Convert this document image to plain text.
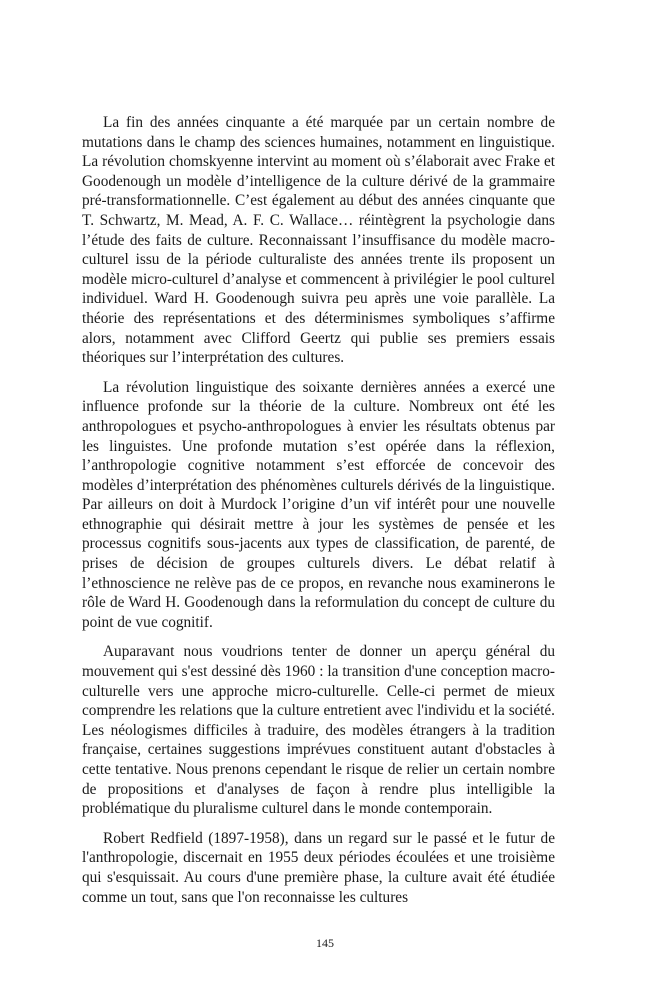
La fin des années cinquante a été marquée par un certain nombre de mutations dans le champ des sciences humaines, notamment en linguistique. La révolution chomskyenne intervint au moment où s’élaborait avec Frake et Goodenough un modèle d’intelligence de la culture dérivé de la grammaire pré-transformationnelle. C’est également au début des années cinquante que T. Schwartz, M. Mead, A. F. C. Wallace… réintègrent la psychologie dans l’étude des faits de culture. Reconnaissant l’insuffisance du modèle macro-culturel issu de la période culturaliste des années trente ils proposent un modèle micro-culturel d’analyse et commencent à privilégier le pool culturel individuel. Ward H. Goodenough suivra peu après une voie parallèle. La théorie des représentations et des déterminismes symboliques s’affirme alors, notamment avec Clifford Geertz qui publie ses premiers essais théoriques sur l’interprétation des cultures.

La révolution linguistique des soixante dernières années a exercé une influence profonde sur la théorie de la culture. Nombreux ont été les anthropologues et psycho-anthropologues à envier les résultats obtenus par les linguistes. Une profonde mutation s’est opérée dans la réflexion, l’anthropologie cognitive notamment s’est efforcée de concevoir des modèles d’interprétation des phénomènes culturels dérivés de la linguistique. Par ailleurs on doit à Murdock l’origine d’un vif intérêt pour une nouvelle ethnographie qui désirait mettre à jour les systèmes de pensée et les processus cognitifs sous-jacents aux types de classification, de parenté, de prises de décision de groupes culturels divers. Le débat relatif à l’ethnoscience ne relève pas de ce propos, en revanche nous examinerons le rôle de Ward H. Goodenough dans la reformulation du concept de culture du point de vue cognitif.

Auparavant nous voudrions tenter de donner un aperçu général du mouvement qui s'est dessiné dès 1960 : la transition d'une conception macro-culturelle vers une approche micro-culturelle. Celle-ci permet de mieux comprendre les relations que la culture entretient avec l'individu et la société. Les néologismes difficiles à traduire, des modèles étrangers à la tradition française, certaines suggestions imprévues constituent autant d'obstacles à cette tentative. Nous prenons cependant le risque de relier un certain nombre de propositions et d'analyses de façon à rendre plus intelligible la problématique du pluralisme culturel dans le monde contemporain.

Robert Redfield (1897-1958), dans un regard sur le passé et le futur de l'anthropologie, discernait en 1955 deux périodes écoulées et une troisième qui s'esquissait. Au cours d'une première phase, la culture avait été étudiée comme un tout, sans que l'on reconnaisse les cultures

145
